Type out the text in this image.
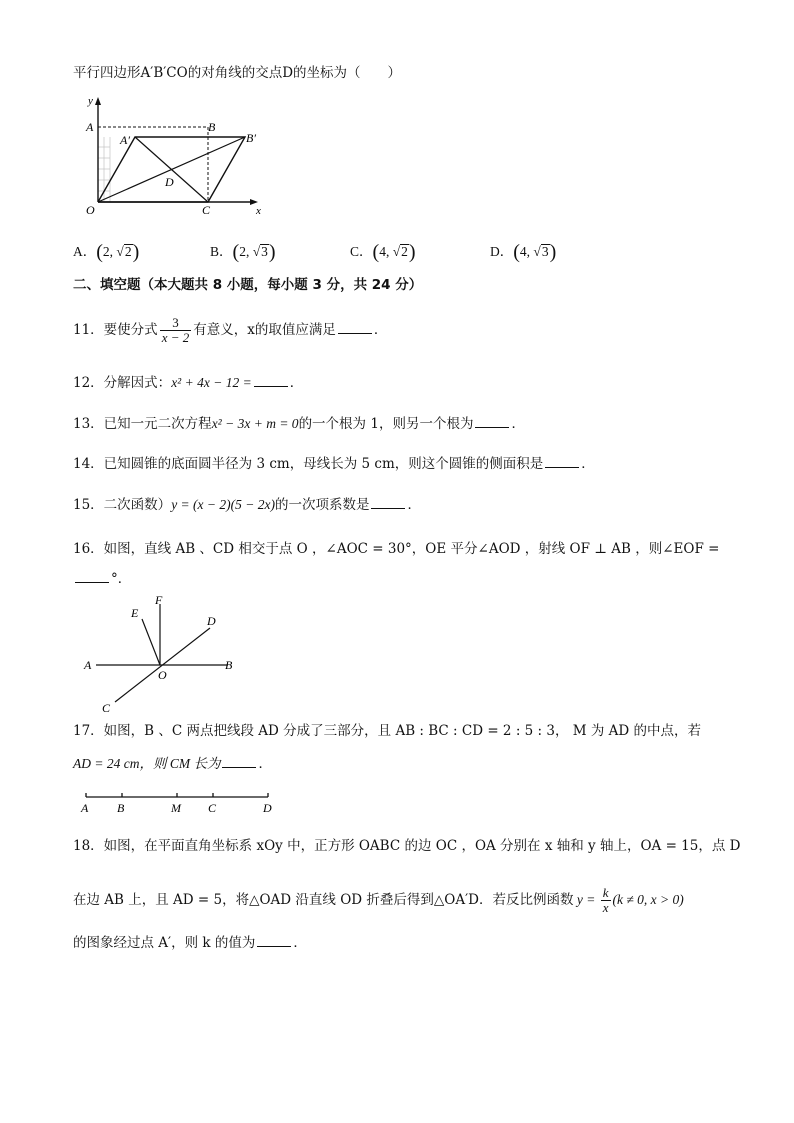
平行四边形A′B′CO的对角线的交点D的坐标为（　　）
y
A	B
A′	B′
D
O	C	x
A．(2, √2)	B．(2, √3)	C．(4, √2)	D．(4, √3)
二、填空题（本大题共 8 小题，每小题 3 分，共 24 分）
11．要使分式 $\frac{3}{x - 2}$ 有意义，x的取值应满足	．
12．分解因式：x² + 4x − 12 =	．
13．已知一元二次方程x² − 3x + m = 0的一个根为 1，则另一个根为	．
14．已知圆锥的底面圆半径为 3 cm，母线长为 5 cm，则这个圆锥的侧面积是	．
15．二次函数）y = (x − 2)(5 − 2x)的一次项系数是	．
16．如图，直线 AB 、CD 相交于点 O ，∠AOC = 30°，OE 平分∠AOD ，射线 OF ⊥ AB ，则∠EOF =
°．
F
E
D
A
O
B
C
17．如图，B 、C 两点把线段 AD 分成了三部分，且 AB : BC : CD = 2 : 5 : 3， M 为 AD 的中点，若
AD = 24 cm，则 CM 长为	．
A B	M C	D
18．如图，在平面直角坐标系 xOy 中，正方形 OABC 的边 OC ，OA 分别在 x 轴和 y 轴上，OA = 15，点 D
在边 AB 上，且 AD = 5，将△OAD 沿直线 OD 折叠后得到△OA′D．若反比例函数 $y = \frac{k}{x} (k \ne 0$, x > 0)
的图象经过点 A′，则 k 的值为	．
